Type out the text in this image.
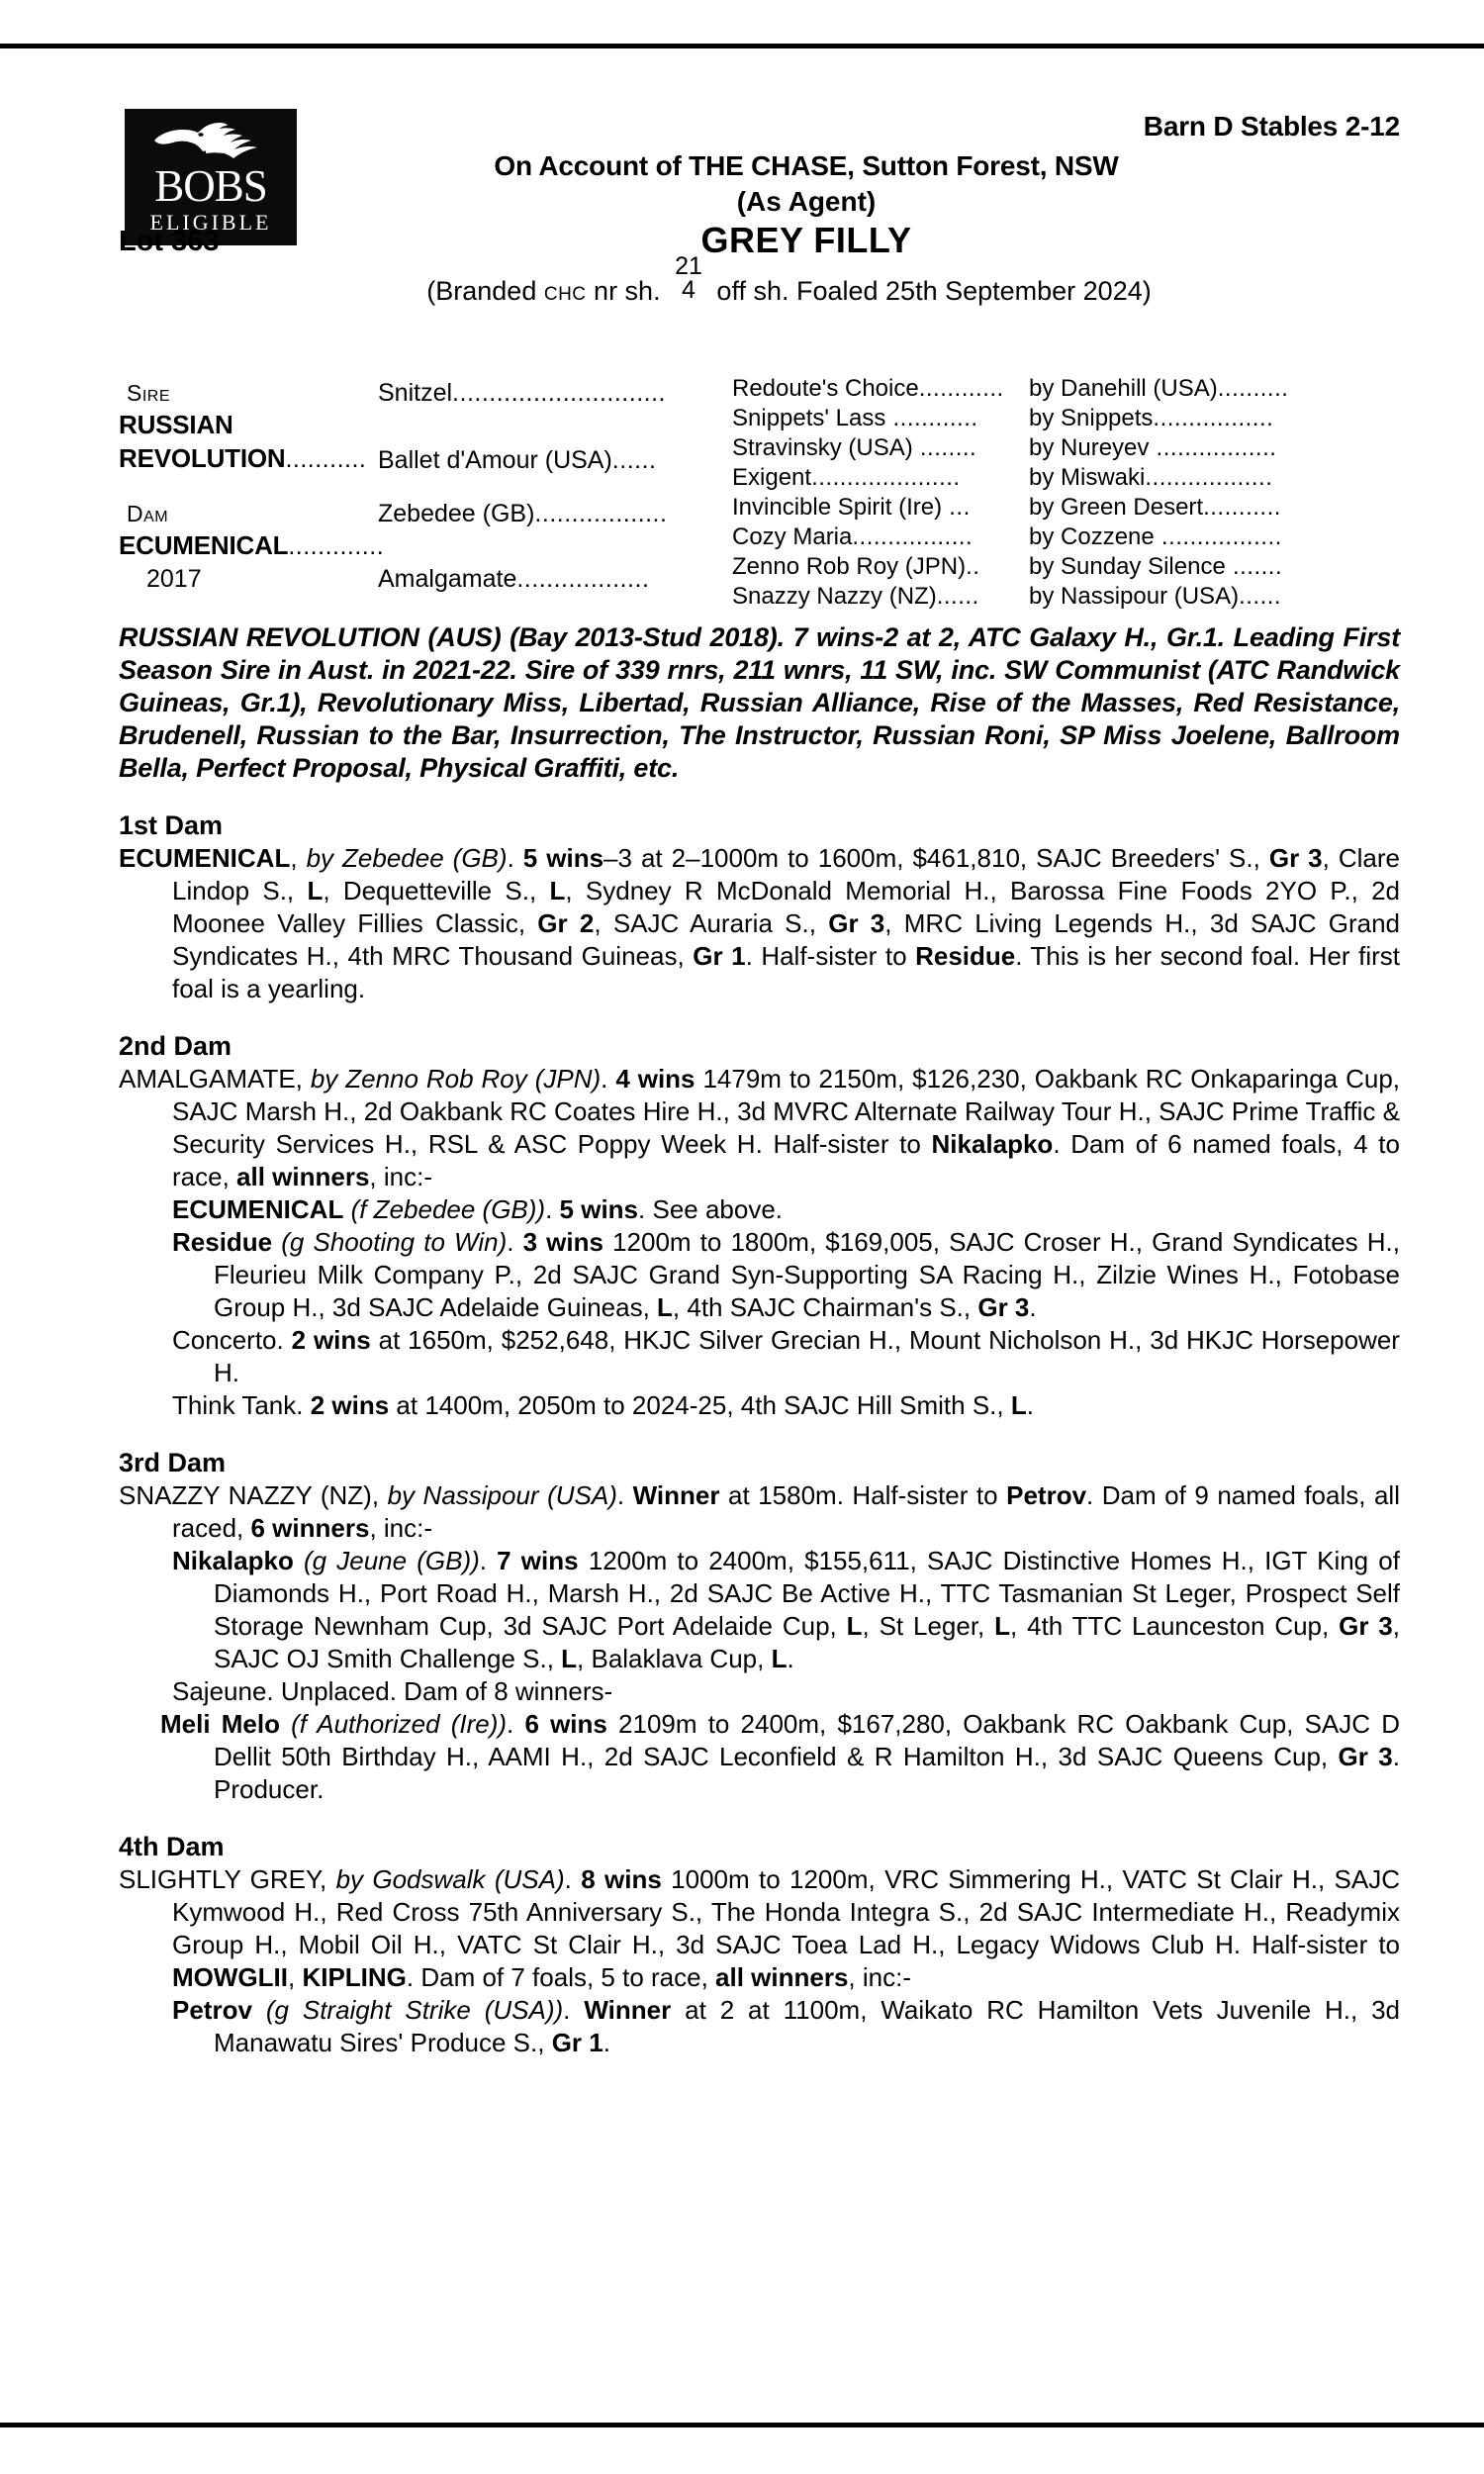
BOBS
ELIGIBLE
Barn D Stables 2-12
On Account of THE CHASE, Sutton Forest, NSW
(As Agent)
Lot 363	GREY FILLY
(Branded CHC nr sh.
21
4 off sh. Foaled 25th September 2024)
Sire
RUSSIAN
REVOLUTION...........
Dam
ECUMENICAL.............
2017
Snitzel.............................
Ballet d'Amour (USA)......
Zebedee (GB)..................
Amalgamate..................
Redoute's Choice............
Snippets' Lass ............
Stravinsky (USA) ........
Exigent.....................
Invincible Spirit (Ire) ...
Cozy Maria.................
Zenno Rob Roy (JPN)..
Snazzy Nazzy (NZ)......
by Danehill (USA)..........
by Snippets.................
by Nureyev .................
by Miswaki..................
by Green Desert...........
by Cozzene .................
by Sunday Silence .......
by Nassipour (USA)......
RUSSIAN REVOLUTION (AUS) (Bay 2013-Stud 2018). 7 wins-2 at 2, ATC Galaxy H., Gr.1. Leading First Season Sire in Aust. in 2021-22. Sire of 339 rnrs, 211 wnrs, 11 SW, inc. SW Communist (ATC Randwick Guineas, Gr.1), Revolutionary Miss, Libertad, Russian Alliance, Rise of the Masses, Red Resistance, Brudenell, Russian to the Bar, Insurrection, The Instructor, Russian Roni, SP Miss Joelene, Ballroom Bella, Perfect Proposal, Physical Graffiti, etc.
1st Dam
ECUMENICAL, by Zebedee (GB). 5 wins–3 at 2–1000m to 1600m, $461,810, SAJC Breeders' S., Gr 3, Clare Lindop S., L, Dequetteville S., L, Sydney R McDonald Memorial H., Barossa Fine Foods 2YO P., 2d Moonee Valley Fillies Classic, Gr 2, SAJC Auraria S., Gr 3, MRC Living Legends H., 3d SAJC Grand Syndicates H., 4th MRC Thousand Guineas, Gr 1. Half-sister to Residue. This is her second foal. Her first foal is a yearling.
2nd Dam
AMALGAMATE, by Zenno Rob Roy (JPN). 4 wins 1479m to 2150m, $126,230, Oakbank RC Onkaparinga Cup, SAJC Marsh H., 2d Oakbank RC Coates Hire H., 3d MVRC Alternate Railway Tour H., SAJC Prime Traffic & Security Services H., RSL & ASC Poppy Week H. Half-sister to Nikalapko. Dam of 6 named foals, 4 to race, all winners, inc:-
ECUMENICAL (f Zebedee (GB)). 5 wins. See above.
Residue (g Shooting to Win). 3 wins 1200m to 1800m, $169,005, SAJC Croser H., Grand Syndicates H., Fleurieu Milk Company P., 2d SAJC Grand Syn-Supporting SA Racing H., Zilzie Wines H., Fotobase Group H., 3d SAJC Adelaide Guineas, L, 4th SAJC Chairman's S., Gr 3.
Concerto. 2 wins at 1650m, $252,648, HKJC Silver Grecian H., Mount Nicholson H., 3d HKJC Horsepower H.
Think Tank. 2 wins at 1400m, 2050m to 2024-25, 4th SAJC Hill Smith S., L.
3rd Dam
SNAZZY NAZZY (NZ), by Nassipour (USA). Winner at 1580m. Half-sister to Petrov. Dam of 9 named foals, all raced, 6 winners, inc:-
Nikalapko (g Jeune (GB)). 7 wins 1200m to 2400m, $155,611, SAJC Distinctive Homes H., IGT King of Diamonds H., Port Road H., Marsh H., 2d SAJC Be Active H., TTC Tasmanian St Leger, Prospect Self Storage Newnham Cup, 3d SAJC Port Adelaide Cup, L, St Leger, L, 4th TTC Launceston Cup, Gr 3, SAJC OJ Smith Challenge S., L, Balaklava Cup, L.
Sajeune. Unplaced. Dam of 8 winners-
Meli Melo (f Authorized (Ire)). 6 wins 2109m to 2400m, $167,280, Oakbank RC Oakbank Cup, SAJC D Dellit 50th Birthday H., AAMI H., 2d SAJC Leconfield & R Hamilton H., 3d SAJC Queens Cup, Gr 3. Producer.
4th Dam
SLIGHTLY GREY, by Godswalk (USA). 8 wins 1000m to 1200m, VRC Simmering H., VATC St Clair H., SAJC Kymwood H., Red Cross 75th Anniversary S., The Honda Integra S., 2d SAJC Intermediate H., Readymix Group H., Mobil Oil H., VATC St Clair H., 3d SAJC Toea Lad H., Legacy Widows Club H. Half-sister to MOWGLII, KIPLING. Dam of 7 foals, 5 to race, all winners, inc:-
Petrov (g Straight Strike (USA)). Winner at 2 at 1100m, Waikato RC Hamilton Vets Juvenile H., 3d Manawatu Sires' Produce S., Gr 1.
